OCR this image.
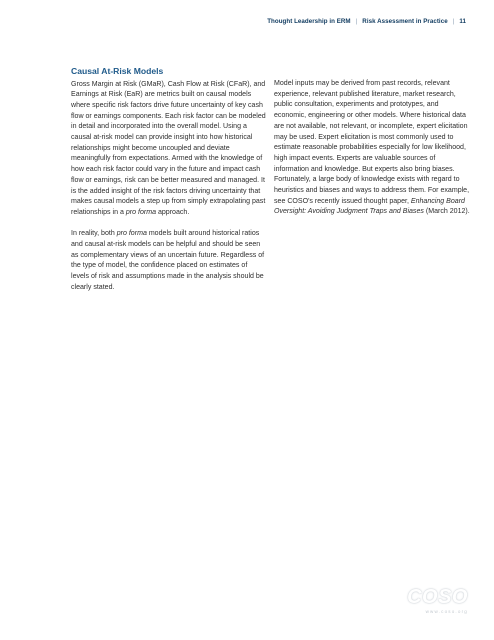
Thought Leadership in ERM | Risk Assessment in Practice | 11
Causal At-Risk Models

Gross Margin at Risk (GMaR), Cash Flow at Risk (CFaR), and Earnings at Risk (EaR) are metrics built on causal models where specific risk factors drive future uncertainty of key cash flow or earnings components. Each risk factor can be modeled in detail and incorporated into the overall model. Using a causal at-risk model can provide insight into how historical relationships might become uncoupled and deviate meaningfully from expectations. Armed with the knowledge of how each risk factor could vary in the future and impact cash flow or earnings, risk can be better measured and managed. It is the added insight of the risk factors driving uncertainty that makes causal models a step up from simply extrapolating past relationships in a pro forma approach.

In reality, both pro forma models built around historical ratios and causal at-risk models can be helpful and should be seen as complementary views of an uncertain future. Regardless of the type of model, the confidence placed on estimates of levels of risk and assumptions made in the analysis should be clearly stated.

Model inputs may be derived from past records, relevant experience, relevant published literature, market research, public consultation, experiments and prototypes, and economic, engineering or other models. Where historical data are not available, not relevant, or incomplete, expert elicitation may be used. Expert elicitation is most commonly used to estimate reasonable probabilities especially for low likelihood, high impact events. Experts are valuable sources of information and knowledge. But experts also bring biases. Fortunately, a large body of knowledge exists with regard to heuristics and biases and ways to address them. For example, see COSO's recently issued thought paper, Enhancing Board Oversight: Avoiding Judgment Traps and Biases (March 2012).

COSO
www.coso.org
